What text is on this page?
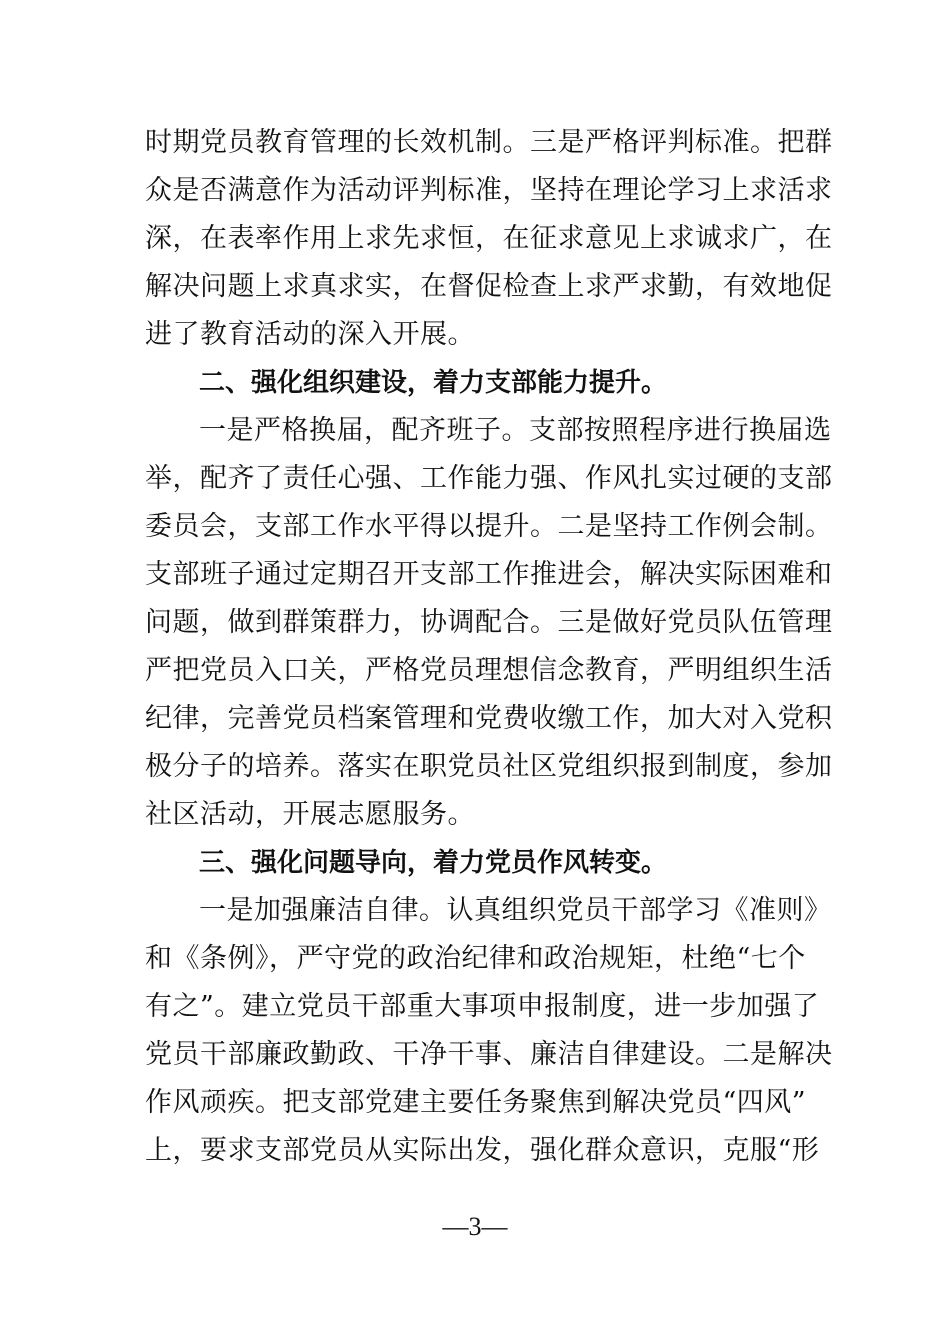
时期党员教育管理的长效机制。三是严格评判标准。把群
众是否满意作为活动评判标准，坚持在理论学习上求活求
深，在表率作用上求先求恒，在征求意见上求诚求广，在
解决问题上求真求实，在督促检查上求严求勤，有效地促
进了教育活动的深入开展。
二、强化组织建设，着力支部能力提升。
一是严格换届，配齐班子。支部按照程序进行换届选
举，配齐了责任心强、工作能力强、作风扎实过硬的支部
委员会，支部工作水平得以提升。二是坚持工作例会制。
支部班子通过定期召开支部工作推进会，解决实际困难和
问题，做到群策群力，协调配合。三是做好党员队伍管理
严把党员入口关，严格党员理想信念教育，严明组织生活
纪律，完善党员档案管理和党费收缴工作，加大对入党积
极分子的培养。落实在职党员社区党组织报到制度，参加
社区活动，开展志愿服务。
三、强化问题导向，着力党员作风转变。
一是加强廉洁自律。认真组织党员干部学习《准则》
和《条例》，严守党的政治纪律和政治规矩，杜绝“七个
有之”。建立党员干部重大事项申报制度，进一步加强了
党员干部廉政勤政、干净干事、廉洁自律建设。二是解决
作风顽疾。把支部党建主要任务聚焦到解决党员“四风”
上，要求支部党员从实际出发，强化群众意识，克服“形
—3—
